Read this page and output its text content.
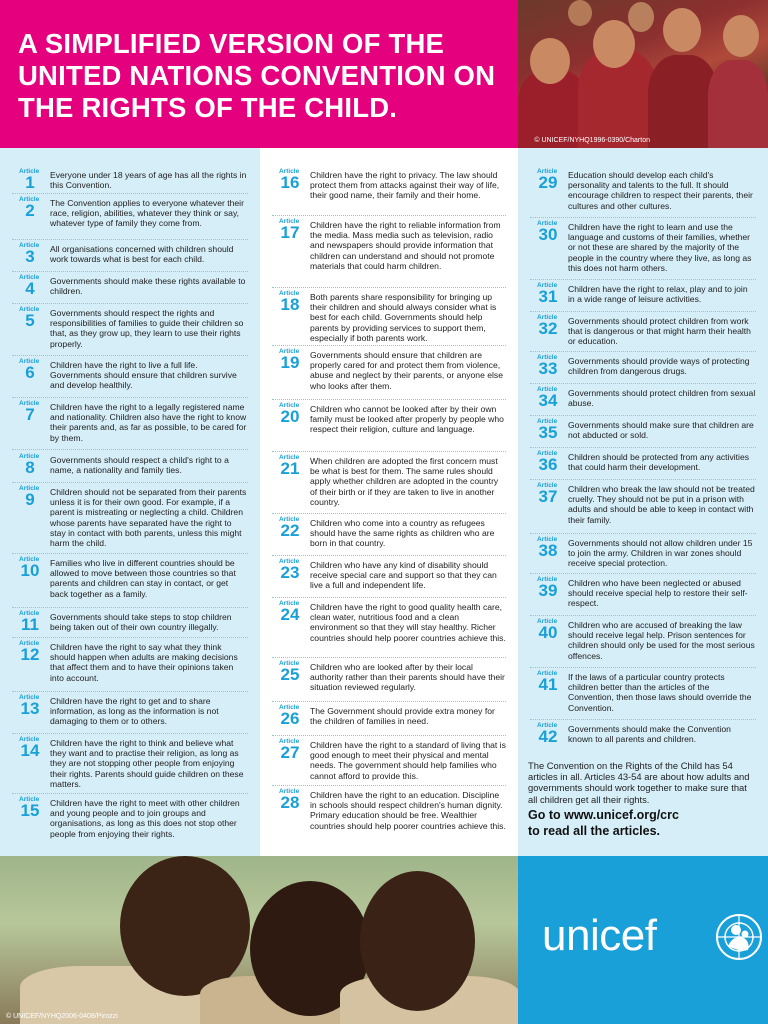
A SIMPLIFIED VERSION OF THE UNITED NATIONS CONVENTION ON THE RIGHTS OF THE CHILD.
© UNICEF/NYHQ1996-0390/Charton
Article
1	Everyone under 18 years of age has all the rights in this Convention.
Article
2	The Convention applies to everyone whatever their race, religion, abilities, whatever they think or say, whatever type of family they come from.
Article
3	All organisations concerned with children should work towards what is best for each child.
Article
4	Governments should make these rights available to children.
Article
5	Governments should respect the rights and responsibilities of families to guide their children so that, as they grow up, they learn to use their rights properly.
Article
6	Children have the right to live a full life. Governments should ensure that children survive and develop healthily.
Article
7	Children have the right to a legally registered name and nationality. Children also have the right to know their parents and, as far as possible, to be cared for by them.
Article
8	Governments should respect a child's right to a name, a nationality and family ties.
Article
9	Children should not be separated from their parents unless it is for their own good. For example, if a parent is mistreating or neglecting a child. Children whose parents have separated have the right to stay in contact with both parents, unless this might harm the child.
Article
10	Families who live in different countries should be allowed to move between those countries so that parents and children can stay in contact, or get back together as a family.
Article
11	Governments should take steps to stop children being taken out of their own country illegally.
Article
12	Children have the right to say what they think should happen when adults are making decisions that affect them and to have their opinions taken into account.
Article
13	Children have the right to get and to share information, as long as the information is not damaging to them or to others.
Article
14	Children have the right to think and believe what they want and to practise their religion, as long as they are not stopping other people from enjoying their rights. Parents should guide children on these matters.
Article
15	Children have the right to meet with other children and young people and to join groups and organisations, as long as this does not stop other people from enjoying their rights.
Article
16	Children have the right to privacy. The law should protect them from attacks against their way of life, their good name, their family and their home.
Article
17	Children have the right to reliable information from the media. Mass media such as television, radio and newspapers should provide information that children can understand and should not promote materials that could harm children.
Article
18	Both parents share responsibility for bringing up their children and should always consider what is best for each child. Governments should help parents by providing services to support them, especially if both parents work.
Article
19	Governments should ensure that children are properly cared for and protect them from violence, abuse and neglect by their parents, or anyone else who looks after them.
Article
20	Children who cannot be looked after by their own family must be looked after properly by people who respect their religion, culture and language.
Article
21	When children are adopted the first concern must be what is best for them. The same rules should apply whether children are adopted in the country of their birth or if they are taken to live in another country.
Article
22	Children who come into a country as refugees should have the same rights as children who are born in that country.
Article
23	Children who have any kind of disability should receive special care and support so that they can live a full and independent life.
Article
24	Children have the right to good quality health care, clean water, nutritious food and a clean environment so that they will stay healthy. Richer countries should help poorer countries achieve this.
Article
25	Children who are looked after by their local authority rather than their parents should have their situation reviewed regularly.
Article
26	The Government should provide extra money for the children of families in need.
Article
27	Children have the right to a standard of living that is good enough to meet their physical and mental needs. The government should help families who cannot afford to provide this.
Article
28	Children have the right to an education. Discipline in schools should respect children's human dignity. Primary education should be free. Wealthier countries should help poorer countries achieve this.
The Convention on the Rights of the Child has 54 articles in all. Articles 43-54 are about how adults and governments should work together to make sure that all children get all their rights.
Go to www.unicef.org/crc
to read all the articles.
Article
29	Education should develop each child's personality and talents to the full. It should encourage children to respect their parents, their cultures and other cultures.
Article
30	Children have the right to learn and use the language and customs of their families, whether or not these are shared by the majority of the people in the country where they live, as long as this does not harm others.
Article
31	Children have the right to relax, play and to join in a wide range of leisure activities.
Article
32	Governments should protect children from work that is dangerous or that might harm their health or education.
Article
33	Governments should provide ways of protecting children from dangerous drugs.
Article
34	Governments should protect children from sexual abuse.
Article
35	Governments should make sure that children are not abducted or sold.
Article
36	Children should be protected from any activities that could harm their development.
Article
37	Children who break the law should not be treated cruelly. They should not be put in a prison with adults and should be able to keep in contact with their family.
Article
38	Governments should not allow children under 15 to join the army. Children in war zones should receive special protection.
Article
39	Children who have been neglected or abused should receive special help to restore their self-respect.
Article
40	Children who are accused of breaking the law should receive legal help. Prison sentences for children should only be used for the most serious offences.
Article
41	If the laws of a particular country protects children better than the articles of the Convention, then those laws should override the Convention.
Article
42	Governments should make the Convention known to all parents and children.
© UNICEF/NYHQ2006-0408/Pirozzi
unicef
